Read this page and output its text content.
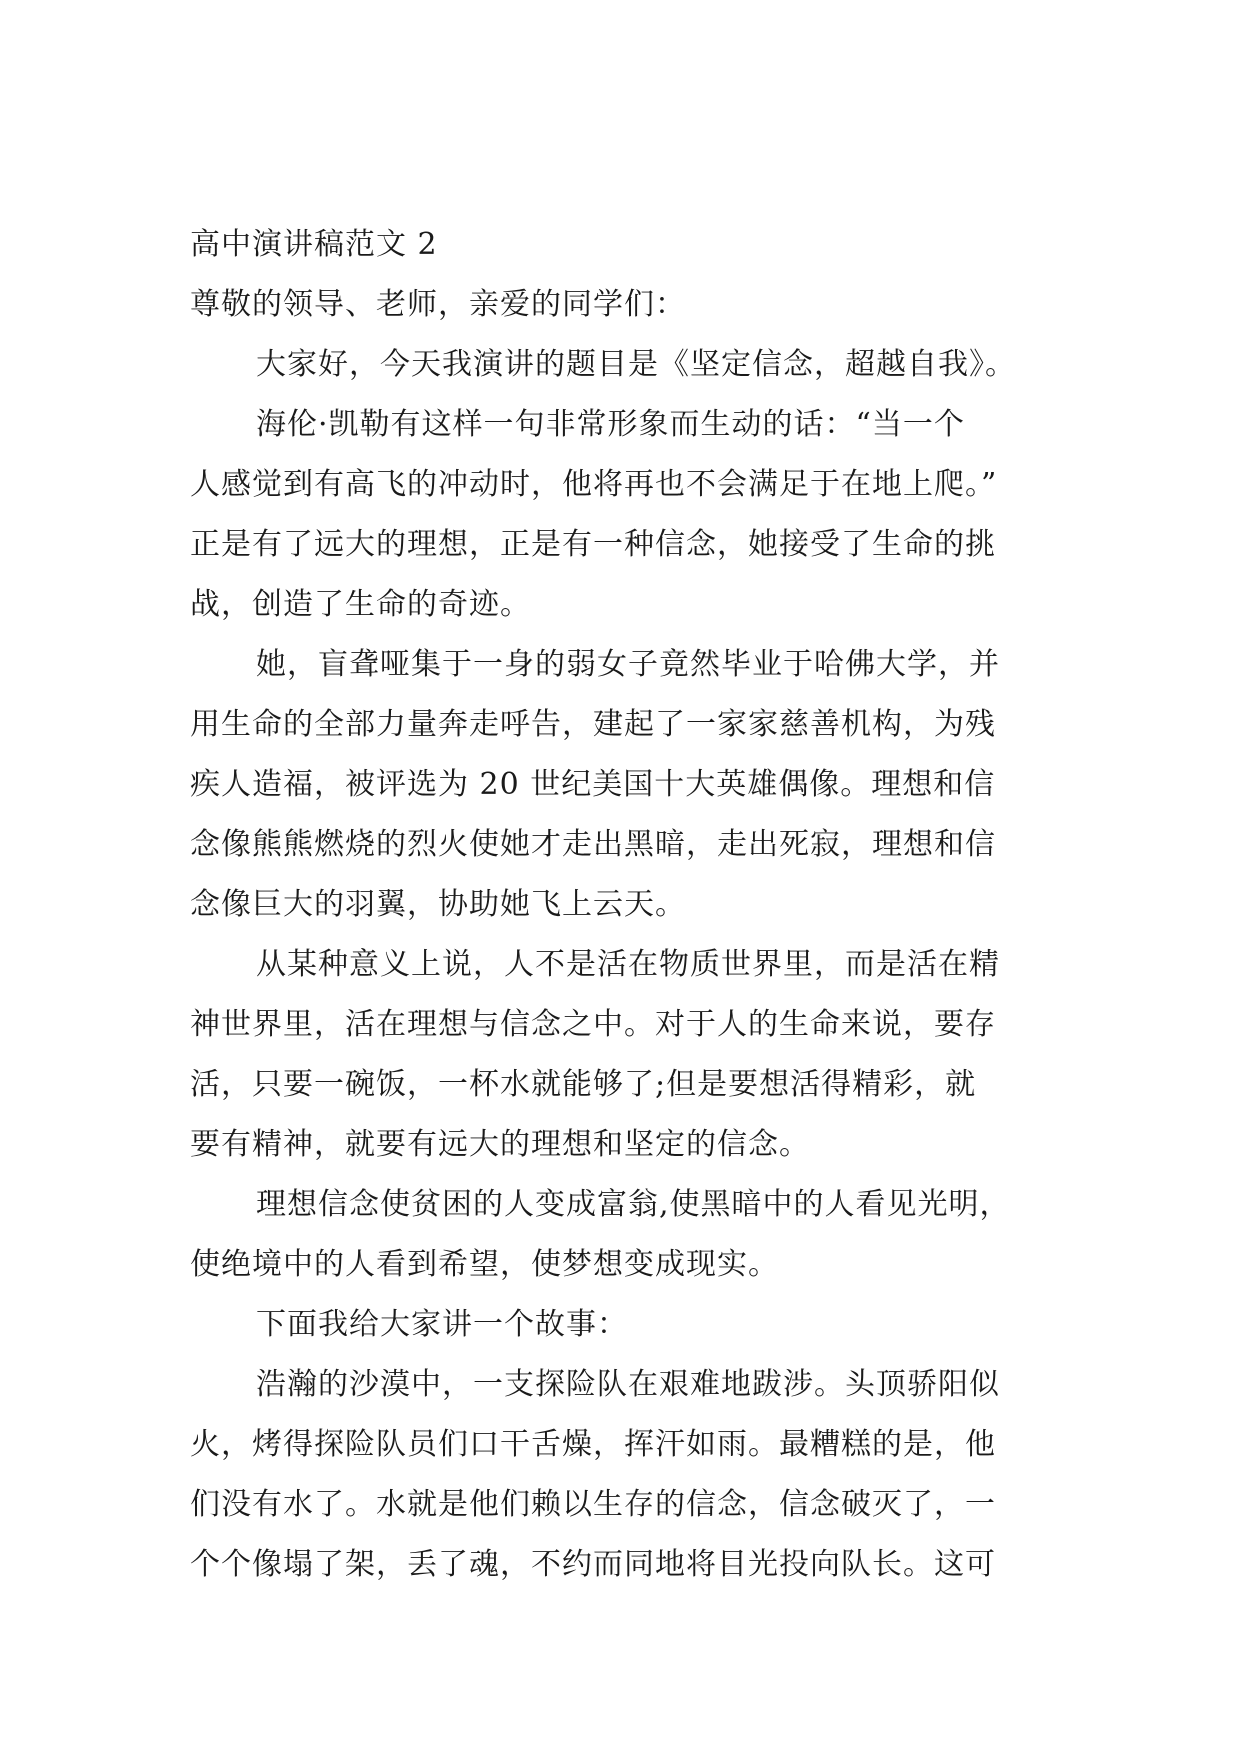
高中演讲稿范文 2
尊敬的领导、老师，亲爱的同学们：
大家好，今天我演讲的题目是《坚定信念，超越自我》。
海伦·凯勒有这样一句非常形象而生动的话：“当一个
人感觉到有高飞的冲动时，他将再也不会满足于在地上爬。”
正是有了远大的理想，正是有一种信念，她接受了生命的挑
战，创造了生命的奇迹。
她，盲聋哑集于一身的弱女子竟然毕业于哈佛大学，并
用生命的全部力量奔走呼告，建起了一家家慈善机构，为残
疾人造福，被评选为 20 世纪美国十大英雄偶像。理想和信
念像熊熊燃烧的烈火使她才走出黑暗，走出死寂，理想和信
念像巨大的羽翼，协助她飞上云天。
从某种意义上说，人不是活在物质世界里，而是活在精
神世界里，活在理想与信念之中。对于人的生命来说，要存
活，只要一碗饭，一杯水就能够了;但是要想活得精彩，就
要有精神，就要有远大的理想和坚定的信念。
理想信念使贫困的人变成富翁,使黑暗中的人看见光明，
使绝境中的人看到希望，使梦想变成现实。
下面我给大家讲一个故事：
浩瀚的沙漠中，一支探险队在艰难地跋涉。头顶骄阳似
火，烤得探险队员们口干舌燥，挥汗如雨。最糟糕的是，他
们没有水了。水就是他们赖以生存的信念，信念破灭了，一
个个像塌了架，丢了魂，不约而同地将目光投向队长。这可
